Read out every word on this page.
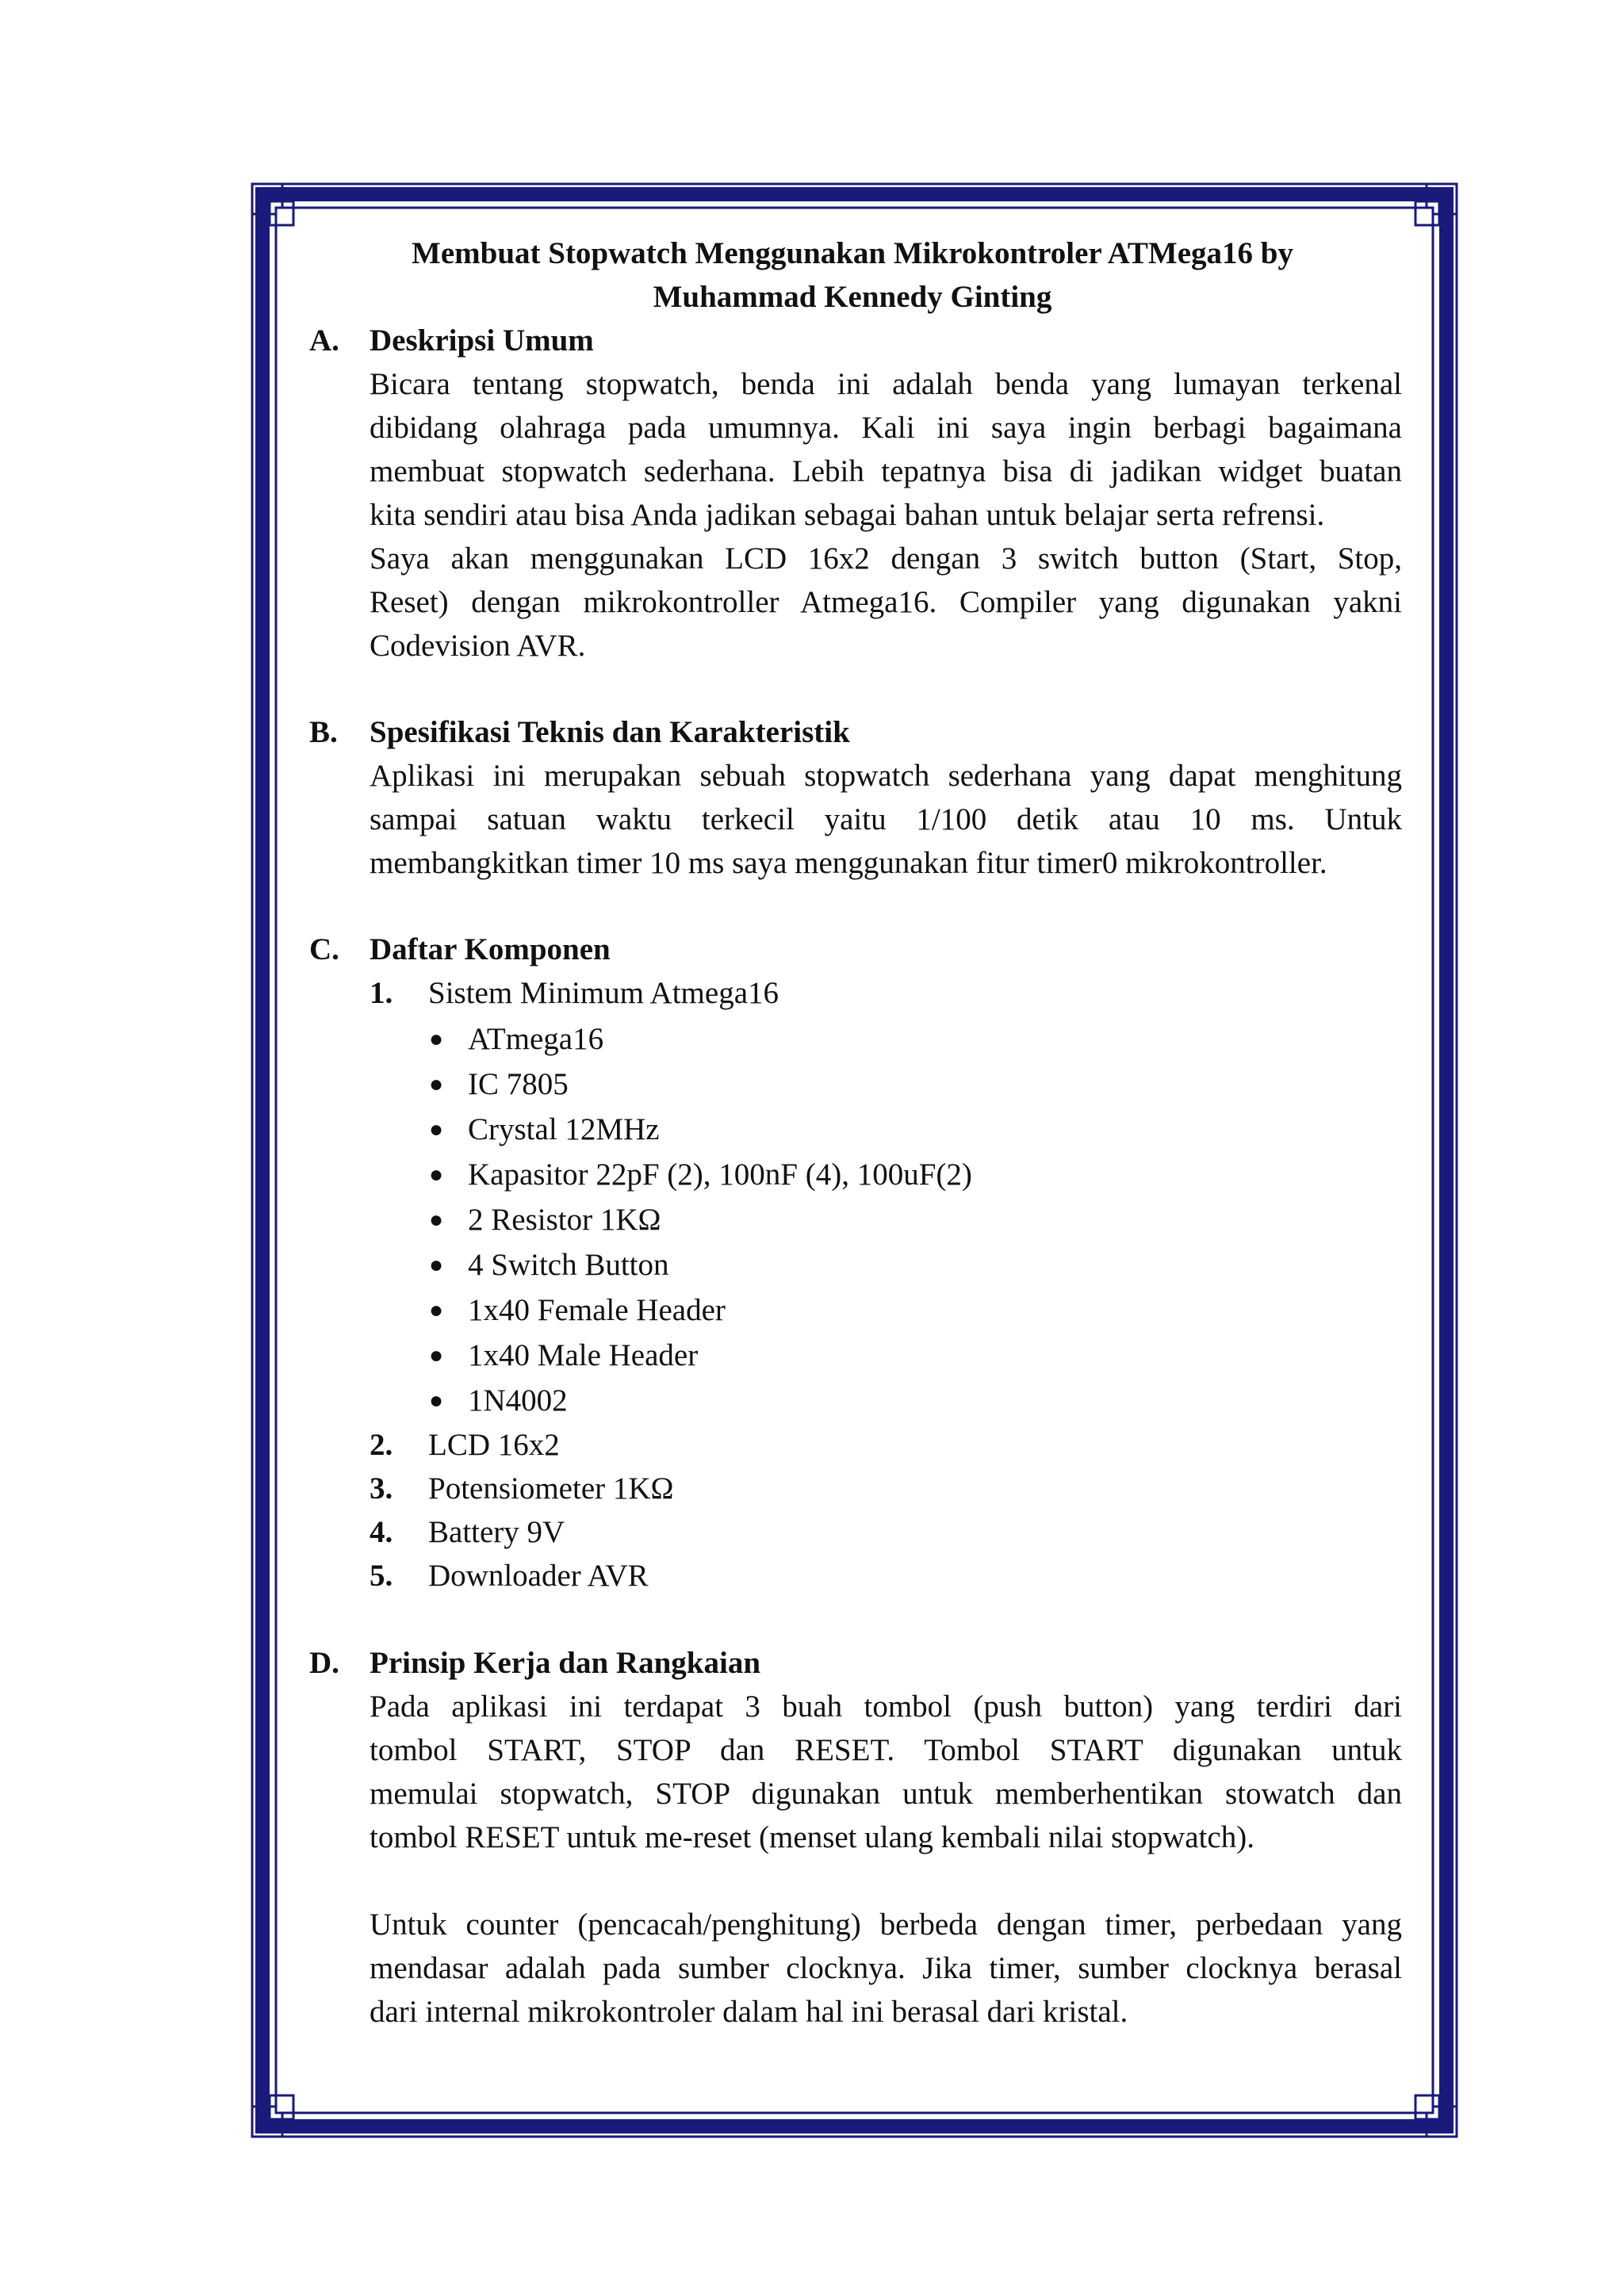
Membuat Stopwatch Menggunakan Mikrokontroler ATMega16 by
Muhammad Kennedy Ginting
A. Deskripsi Umum
Bicara tentang stopwatch, benda ini adalah benda yang lumayan terkenal
dibidang olahraga pada umumnya. Kali ini saya ingin berbagi bagaimana
membuat stopwatch sederhana. Lebih tepatnya bisa di jadikan widget buatan
kita sendiri atau bisa Anda jadikan sebagai bahan untuk belajar serta refrensi.
Saya akan menggunakan LCD 16x2 dengan 3 switch button (Start, Stop,
Reset) dengan mikrokontroller Atmega16. Compiler yang digunakan yakni
Codevision AVR.
B. Spesifikasi Teknis dan Karakteristik
Aplikasi ini merupakan sebuah stopwatch sederhana yang dapat menghitung
sampai satuan waktu terkecil yaitu 1/100 detik atau 10 ms. Untuk
membangkitkan timer 10 ms saya menggunakan fitur timer0 mikrokontroller.
C. Daftar Komponen
1. Sistem Minimum Atmega16
● ATmega16
● IC 7805
● Crystal 12MHz
● Kapasitor 22pF (2), 100nF (4), 100uF(2)
● 2 Resistor 1KΩ
● 4 Switch Button
● 1x40 Female Header
● 1x40 Male Header
● 1N4002
2. LCD 16x2
3. Potensiometer 1KΩ
4. Battery 9V
5. Downloader AVR
D. Prinsip Kerja dan Rangkaian
Pada aplikasi ini terdapat 3 buah tombol (push button) yang terdiri dari
tombol START, STOP dan RESET. Tombol START digunakan untuk
memulai stopwatch, STOP digunakan untuk memberhentikan stowatch dan
tombol RESET untuk me-reset (menset ulang kembali nilai stopwatch).
Untuk counter (pencacah/penghitung) berbeda dengan timer, perbedaan yang
mendasar adalah pada sumber clocknya. Jika timer, sumber clocknya berasal
dari internal mikrokontroler dalam hal ini berasal dari kristal.
